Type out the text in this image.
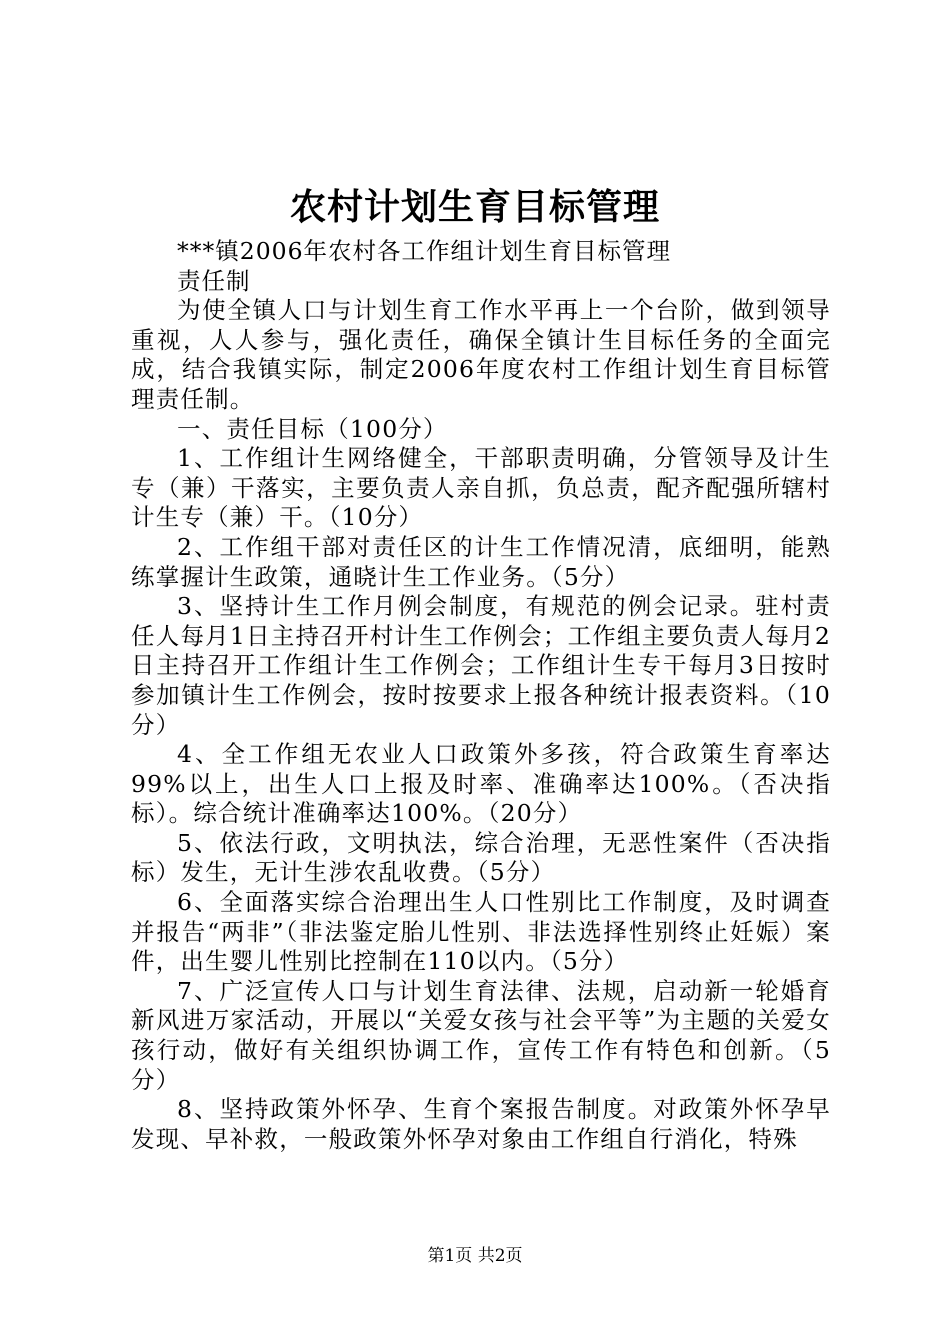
农村计划生育目标管理

***镇2006年农村各工作组计划生育目标管理

责任制

为使全镇人口与计划生育工作水平再上一个台阶，做到领导重视，人人参与，强化责任，确保全镇计生目标任务的全面完成，结合我镇实际，制定2006年度农村工作组计划生育目标管理责任制。

一、责任目标（100分）

1、工作组计生网络健全，干部职责明确，分管领导及计生专（兼）干落实，主要负责人亲自抓，负总责，配齐配强所辖村计生专（兼）干。（10分）

2、工作组干部对责任区的计生工作情况清，底细明，能熟练掌握计生政策，通晓计生工作业务。（5分）

3、坚持计生工作月例会制度，有规范的例会记录。驻村责任人每月1日主持召开村计生工作例会；工作组主要负责人每月2日主持召开工作组计生工作例会；工作组计生专干每月3日按时参加镇计生工作例会，按时按要求上报各种统计报表资料。（10分）

4、全工作组无农业人口政策外多孩，符合政策生育率达99%以上，出生人口上报及时率、准确率达100%。（否决指标）。综合统计准确率达100%。（20分）

5、依法行政，文明执法，综合治理，无恶性案件（否决指标）发生，无计生涉农乱收费。（5分）

6、全面落实综合治理出生人口性别比工作制度，及时调查并报告“两非”（非法鉴定胎儿性别、非法选择性别终止妊娠）案件，出生婴儿性别比控制在110以内。（5分）

7、广泛宣传人口与计划生育法律、法规，启动新一轮婚育新风进万家活动，开展以“关爱女孩与社会平等”为主题的关爱女孩行动，做好有关组织协调工作，宣传工作有特色和创新。（5分）

8、坚持政策外怀孕、生育个案报告制度。对政策外怀孕早发现、早补救，一般政策外怀孕对象由工作组自行消化，特殊

第1页 共2页
